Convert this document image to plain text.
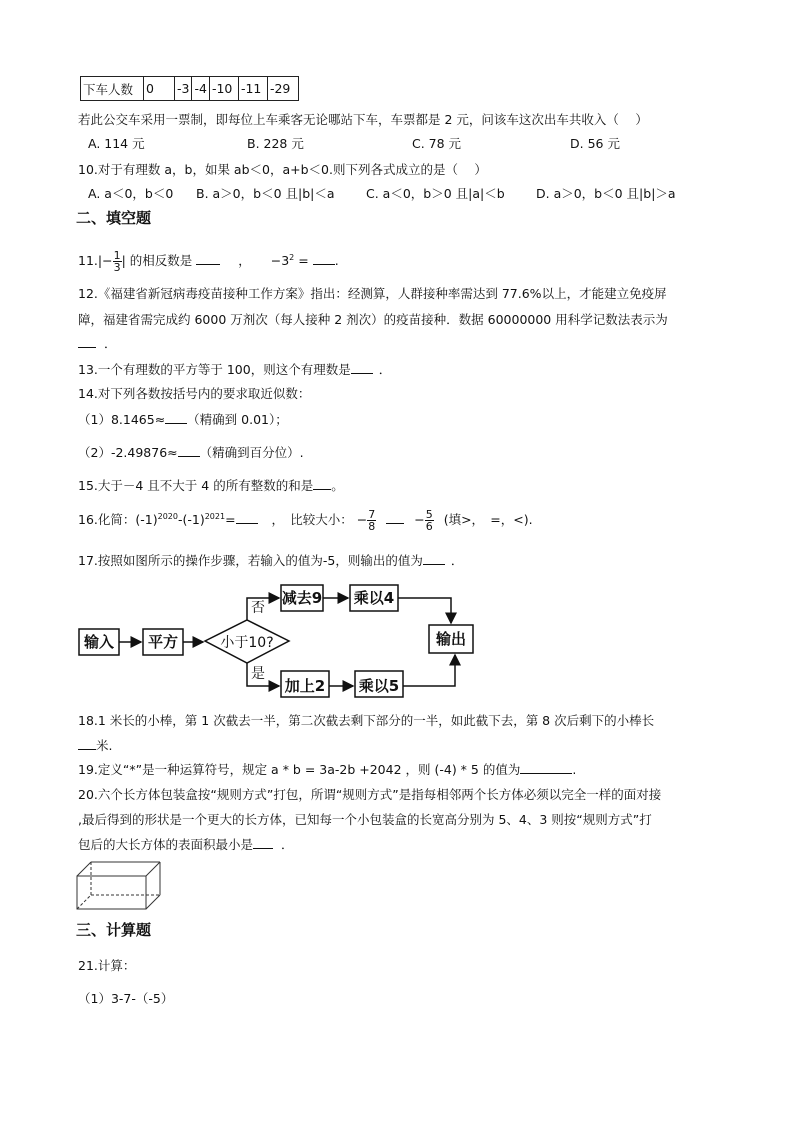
下车人数	0	-3	-4	-10	-11	-29
若此公交车采用一票制，即每位上车乘客无论哪站下车，车票都是 2 元，问该车这次出车共收入（　 ）
A. 114 元	B. 228 元	C. 78 元	D. 56 元
10.对于有理数 a，b，如果 ab＜0，a+b＜0.则下列各式成立的是（　 ）
A. a＜0，b＜0 B. a＞0，b＜0 且|b|＜a	C. a＜0，b＞0 且|a|＜b	D. a＞0，b＜0 且|b|＞a
二、填空题
$11.|- \frac{1}{3}$ | 的相反数是	， $-3^2$ = .
12.《福建省新冠病毒疫苗接种工作方案》指出：经测算，人群接种率需达到 77.6%以上，才能建立免疫屏
障，福建省需完成约 6000 万剂次（每人接种 2 剂次）的疫苗接种．数据 60000000 用科学记数法表示为
．
13.一个有理数的平方等于 100，则这个有理数是 ．
14.对下列各数按括号内的要求取近似数：
（1）8.1465≈ （精确到 0.01）；
（2）-2.49876≈ （精确到百分位）.
15.大于－4 且不大于 4 的所有整数的和是 。
16.化简：$(-1)^{2020}-(-1)^{2021}=$	，　比较大小： − $\frac{7}{8}$	− $\frac{5}{6}$ (填>，　=，<).
17.按照如图所示的操作步骤，若输入的值为-5，则输出的值为 ．
输入 平方	小于10?
减去9 乘以4
加上2 乘以5
输出
否
是
18.1 米长的小棒，第 1 次截去一半，第二次截去剩下部分的一半，如此截下去，第 8 次后剩下的小棒长
米.
19.定义“*”是一种运算符号，规定 a * b = 3a-2b +2042 ，则 (-4) * 5 的值为	.
20.六个长方体包装盒按“规则方式”打包，所谓“规则方式”是指每相邻两个长方体必须以完全一样的面对接
,最后得到的形状是一个更大的长方体，已知每一个小包装盒的长宽高分别为 5、4、3 则按“规则方式”打
包后的大长方体的表面积最小是 ．
三、计算题
21.计算：
（1）3-7-（-5）
